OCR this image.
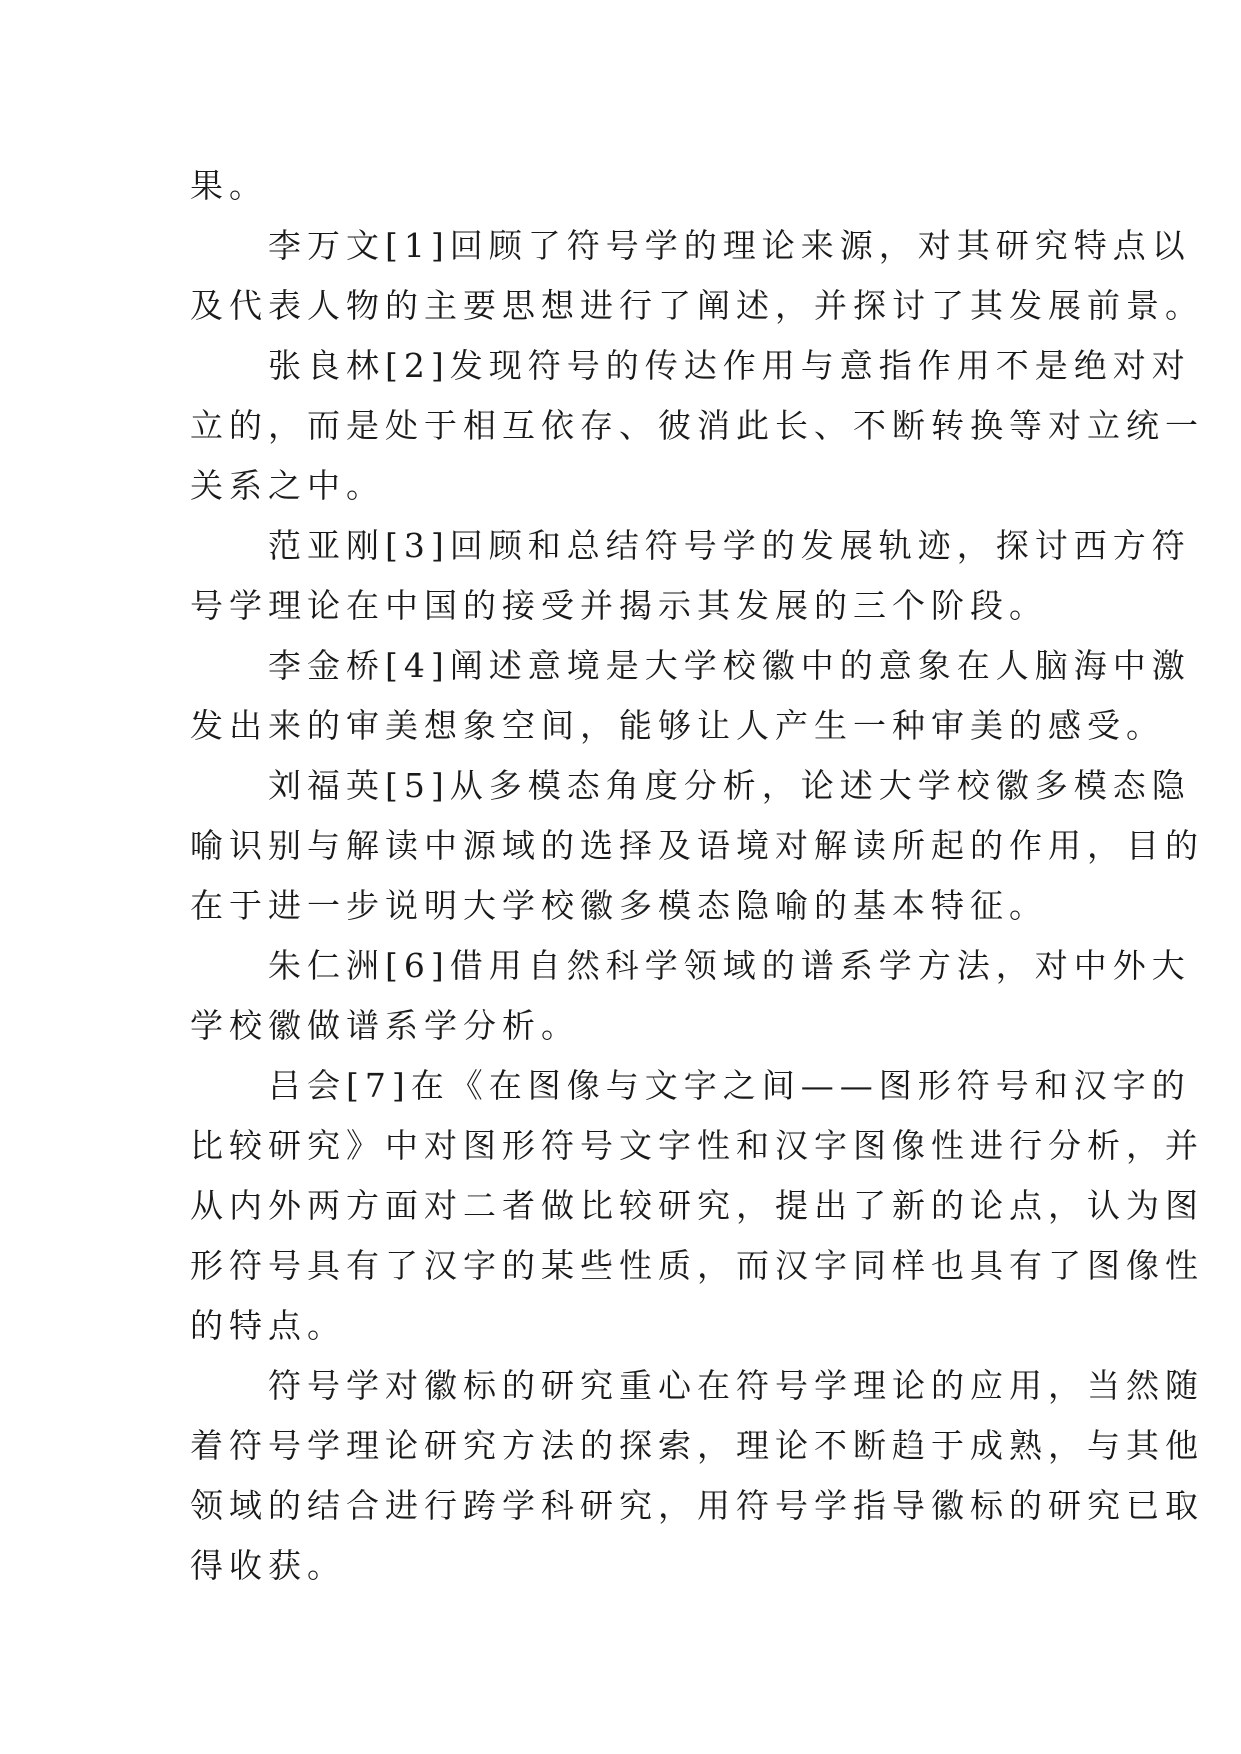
果。
　　李万文[1]回顾了符号学的理论来源，对其研究特点以
及代表人物的主要思想进行了阐述，并探讨了其发展前景。
　　张良林[2]发现符号的传达作用与意指作用不是绝对对
立的，而是处于相互依存、彼消此长、不断转换等对立统一
关系之中。
　　范亚刚[3]回顾和总结符号学的发展轨迹，探讨西方符
号学理论在中国的接受并揭示其发展的三个阶段。
　　李金桥[4]阐述意境是大学校徽中的意象在人脑海中激
发出来的审美想象空间，能够让人产生一种审美的感受。
　　刘福英[5]从多模态角度分析，论述大学校徽多模态隐
喻识别与解读中源域的选择及语境对解读所起的作用，目的
在于进一步说明大学校徽多模态隐喻的基本特征。
　　朱仁洲[6]借用自然科学领域的谱系学方法，对中外大
学校徽做谱系学分析。
　　吕会[7]在《在图像与文字之间——图形符号和汉字的
比较研究》中对图形符号文字性和汉字图像性进行分析，并
从内外两方面对二者做比较研究，提出了新的论点，认为图
形符号具有了汉字的某些性质，而汉字同样也具有了图像性
的特点。
　　符号学对徽标的研究重心在符号学理论的应用，当然随
着符号学理论研究方法的探索，理论不断趋于成熟，与其他
领域的结合进行跨学科研究，用符号学指导徽标的研究已取
得收获。
